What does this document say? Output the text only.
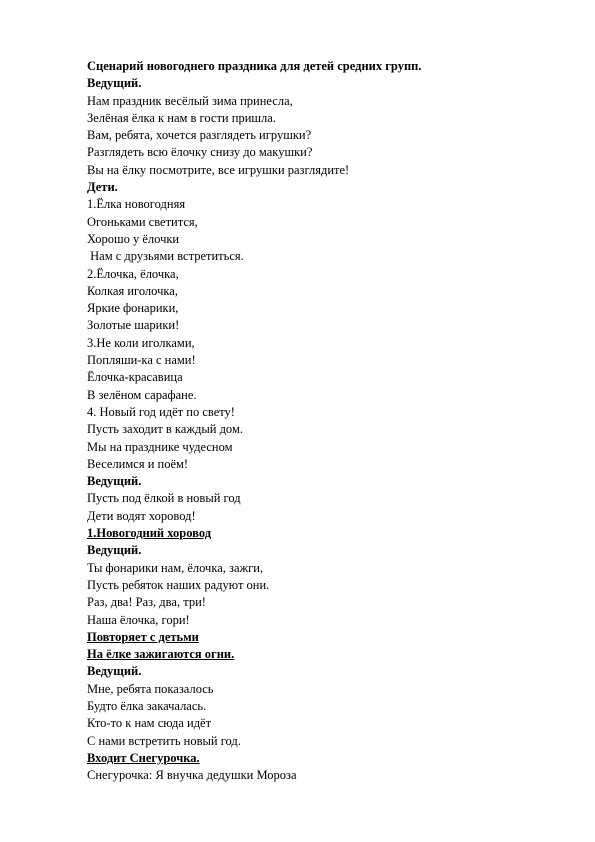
Сценарий новогоднего праздника для детей средних групп.
Ведущий.
Нам праздник весёлый зима принесла,
Зелёная ёлка к нам в гости пришла.
Вам, ребята, хочется разглядеть игрушки?
Разглядеть всю ёлочку снизу до макушки?
Вы на ёлку посмотрите, все игрушки разглядите!
Дети.
1.Ёлка новогодняя
Огоньками светится,
Хорошо у ёлочки
Нам с друзьями встретиться.
2.Ёлочка, ёлочка,
Колкая иголочка,
Яркие фонарики,
Золотые шарики!
3.Не коли иголками,
Попляши-ка с нами!
Ёлочка-красавица
В зелёном сарафане.
4. Новый год идёт по свету!
Пусть заходит в каждый дом.
Мы на празднике чудесном
Веселимся и поём!
Ведущий.
Пусть под ёлкой в новый год
Дети водят хоровод!
1.Новогодний хоровод
Ведущий.
Ты фонарики нам, ёлочка, зажги,
Пусть ребяток наших радуют они.
Раз, два! Раз, два, три!
Наша ёлочка, гори!
Повторяет с детьми
На ёлке зажигаются огни.
Ведущий.
Мне, ребята показалось
Будто ёлка закачалась.
Кто-то к нам сюда идёт
С нами встретить новый год.
Входит Снегурочка.
Снегурочка: Я внучка дедушки Мороза
